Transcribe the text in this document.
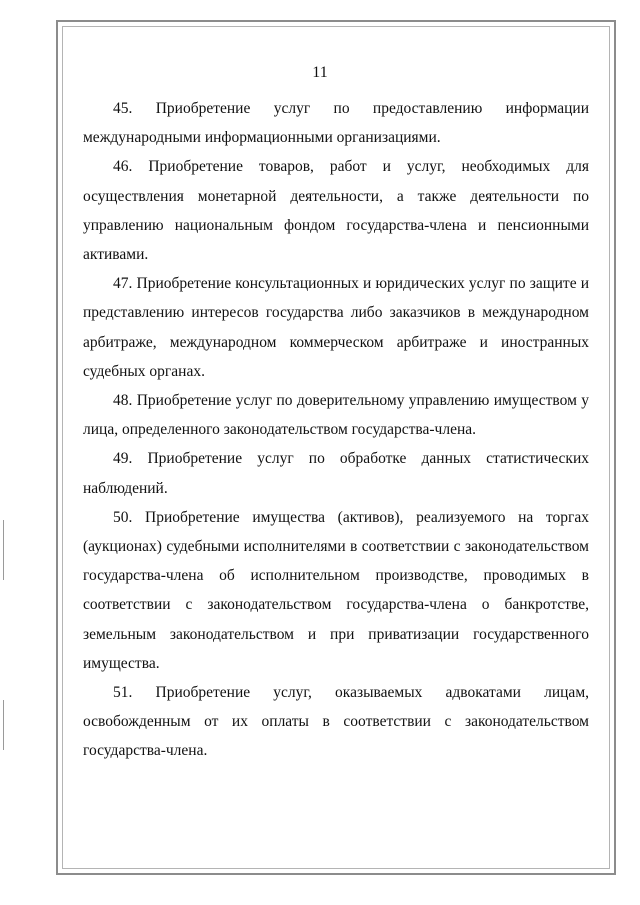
11

45. Приобретение услуг по предоставлению информации международными информационными организациями.

46. Приобретение товаров, работ и услуг, необходимых для осуществления монетарной деятельности, а также деятельности по управлению национальным фондом государства-члена и пенсионными активами.

47. Приобретение консультационных и юридических услуг по защите и представлению интересов государства либо заказчиков в международном арбитраже, международном коммерческом арбитраже и иностранных судебных органах.

48. Приобретение услуг по доверительному управлению имуществом у лица, определенного законодательством государства-члена.

49. Приобретение услуг по обработке данных статистических наблюдений.

50. Приобретение имущества (активов), реализуемого на торгах (аукционах) судебными исполнителями в соответствии с законодательством государства-члена об исполнительном производстве, проводимых в соответствии с законодательством государства-члена о банкротстве, земельным законодательством и при приватизации государственного имущества.

51. Приобретение услуг, оказываемых адвокатами лицам, освобожденным от их оплаты в соответствии с законодательством государства-члена.
